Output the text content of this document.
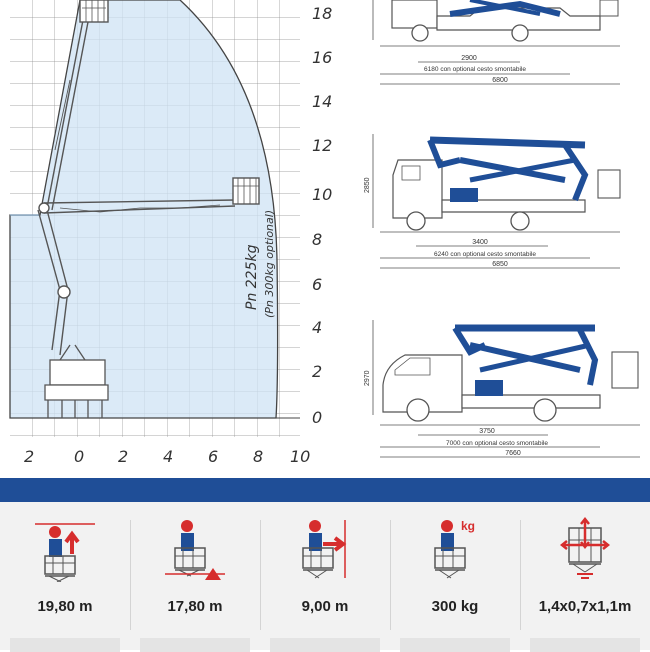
18
16
14
12
10
8
6
4
2
0
2 0 2 4 6 8 10
Pn 225kg (Pn 300kg optional)
2900
6180 con optional cesto smontabile
6800
2850
3400
6240 con optional cesto smontabile
6850
2970
3750
7000 con optional cesto smontabile
7660
19,80 m	17,80 m	9,00 m
kg
300 kg	1,4x0,7x1,1m
